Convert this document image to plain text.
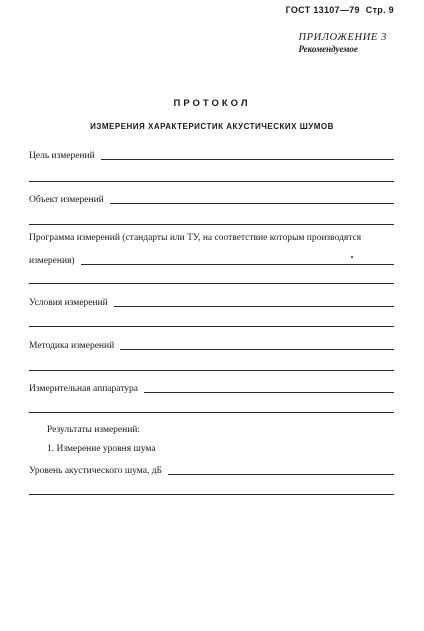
ГОСТ 13107—79 Стр. 9
ПРИЛОЖЕНИЕ 3
Рекомендуемое
ПРОТОКОЛ
ИЗМЕРЕНИЯ ХАРАКТЕРИСТИК АКУСТИЧЕСКИХ ШУМОВ
Цель измерений
Объект измерений
Программа измерений (стандарты или ТУ, на соответствие которым производятся
измерения)
Условия измерений
Методика измерений
Измерительная аппаратура
Результаты измерений:
1. Измерение уровня шума
Уровень акустического шума, дБ
